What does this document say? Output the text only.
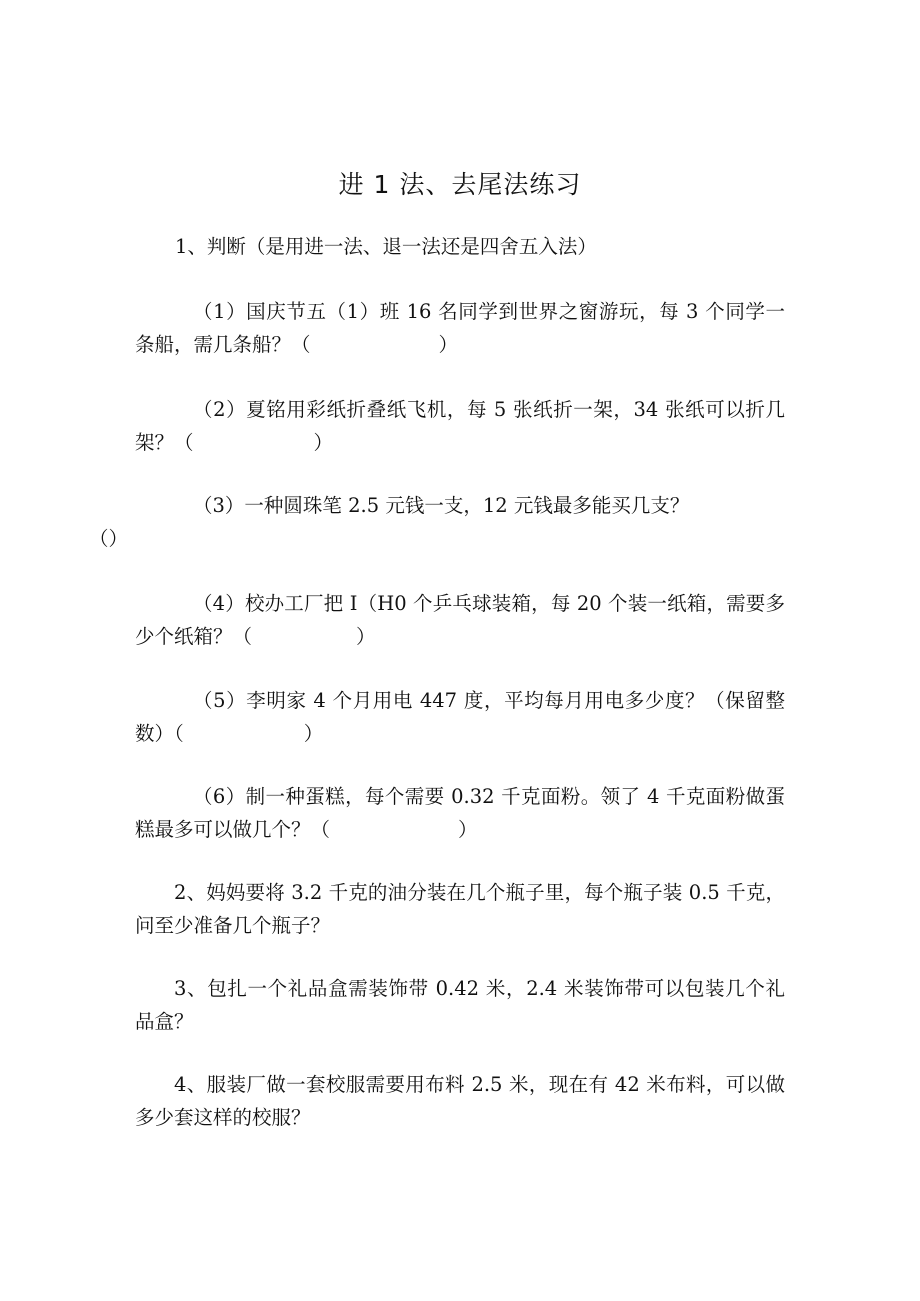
进 1 法、去尾法练习

1、判断（是用进一法、退一法还是四舍五入法）

（1）国庆节五（1）班 16 名同学到世界之窗游玩，每 3 个同学一条船，需几条船？（	）

（2）夏铭用彩纸折叠纸飞机，每 5 张纸折一架，34 张纸可以折几架？（	）

（3）一种圆珠笔 2.5 元钱一支，12 元钱最多能买几支？
（）

（4）校办工厂把 I（H0 个乒乓球装箱，每 20 个装一纸箱，需要多少个纸箱？（	）

（5）李明家 4 个月用电 447 度，平均每月用电多少度？（保留整数）（	）

（6）制一种蛋糕，每个需要 0.32 千克面粉。领了 4 千克面粉做蛋糕最多可以做几个？（	）

2、妈妈要将 3.2 千克的油分装在几个瓶子里，每个瓶子装 0.5 千克，问至少准备几个瓶子？

3、包扎一个礼品盒需装饰带 0.42 米，2.4 米装饰带可以包装几个礼品盒？

4、服装厂做一套校服需要用布料 2.5 米，现在有 42 米布料，可以做多少套这样的校服？
